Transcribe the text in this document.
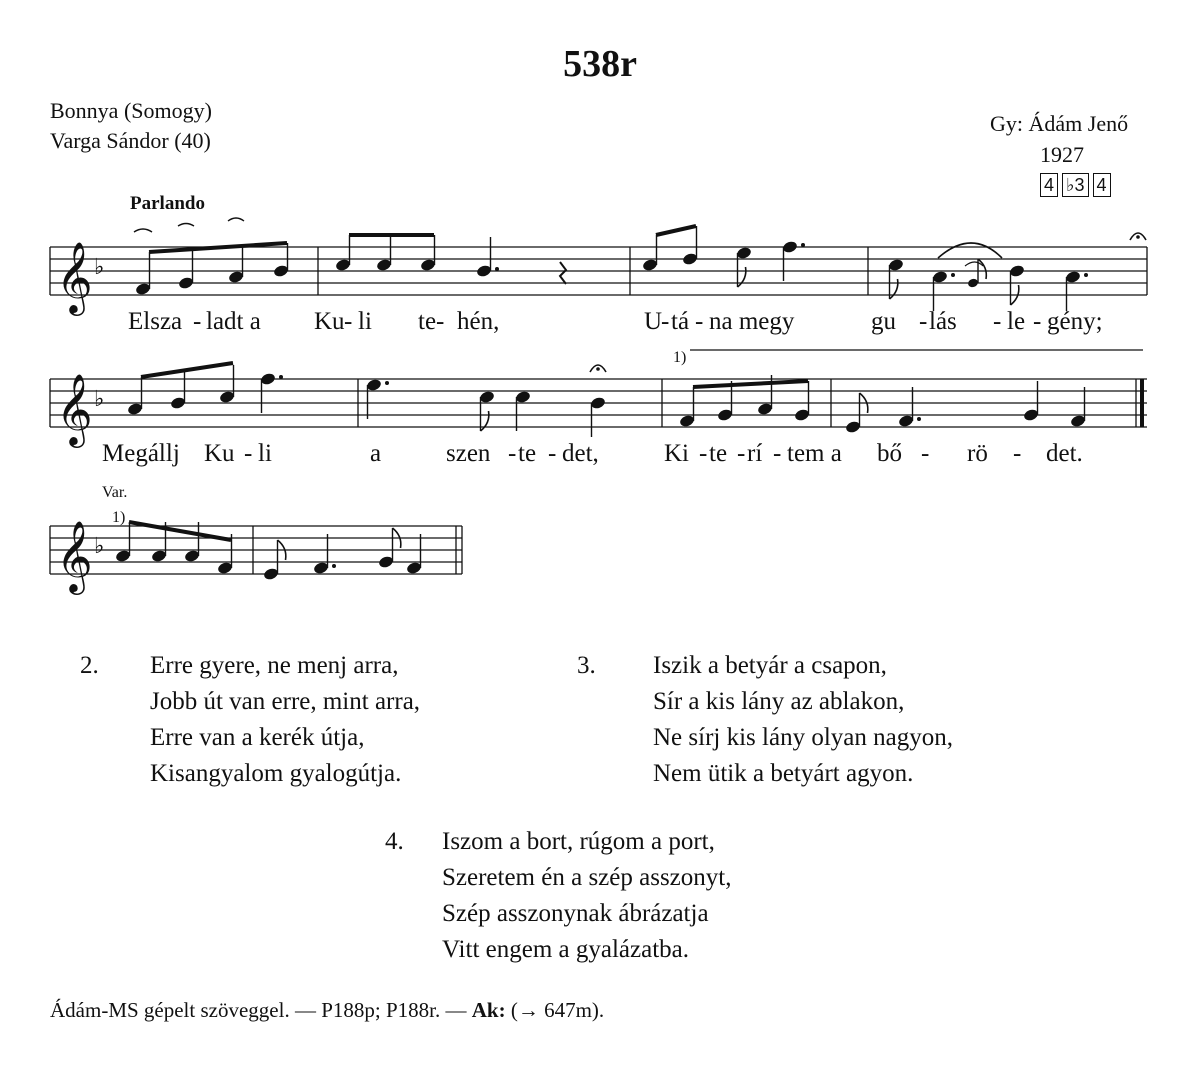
538r
Bonnya (Somogy)
Varga Sándor (40)
Gy: Ádám Jenő
1927
4 ♭3 4
Parlando
𝄞 ♭
𝄞 ♭
𝄞 ♭
1)
Var.
1)
Elsza - ladt a Ku - li te- hén,	U
- tá - na megy	gu - lás - le - gény;
Megállj Ku - li	a	szen - te - det,	Ki - te - rí - tem a bő - rö - det.
2. Erre gyere, ne menj arra,
Jobb út van erre, mint arra,
Erre van a kerék útja,
Kisangyalom gyalogútja.
3. Iszik a betyár a csapon,
Sír a kis lány az ablakon,
Ne sírj kis lány olyan nagyon,
Nem ütik a betyárt agyon.
4. Iszom a bort, rúgom a port,
Szeretem én a szép asszonyt,
Szép asszonynak ábrázatja
Vitt engem a gyalázatba.
Ádám-MS gépelt szöveggel. — P188p; P188r. — Ak: (→ 647m).
